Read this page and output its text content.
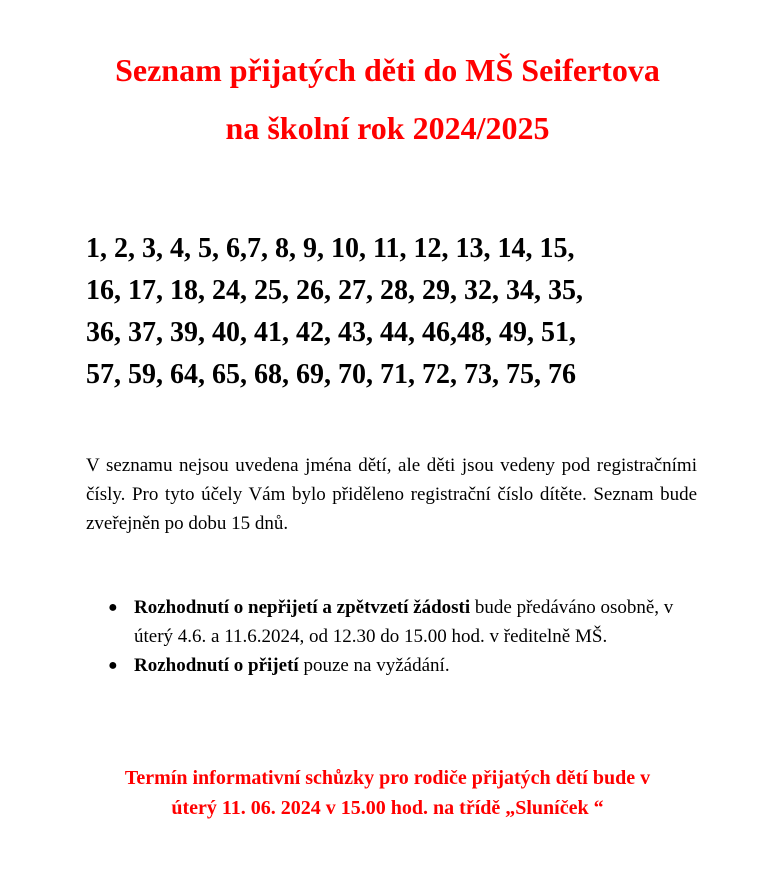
Seznam přijatých děti do MŠ Seifertova
na školní rok 2024/2025
1, 2, 3, 4, 5, 6,7, 8, 9, 10, 11, 12, 13, 14, 15,
16, 17, 18, 24, 25, 26, 27, 28, 29, 32, 34, 35,
36, 37, 39, 40, 41, 42, 43, 44, 46,48, 49, 51,
57, 59, 64, 65, 68, 69, 70, 71, 72, 73, 75, 76
V seznamu nejsou uvedena jména dětí, ale děti jsou vedeny pod registračními čísly. Pro tyto účely Vám bylo přiděleno registrační číslo dítěte. Seznam bude zveřejněn po dobu 15 dnů.
● Rozhodnutí o nepřijetí a zpětvzetí žádosti bude předáváno osobně, v úterý 4.6. a 11.6.2024, od 12.30 do 15.00 hod. v ředitelně MŠ.
● Rozhodnutí o přijetí pouze na vyžádání.
Termín informativní schůzky pro rodiče přijatých dětí bude v
úterý 11. 06. 2024 v 15.00 hod. na třídě „Sluníček “
